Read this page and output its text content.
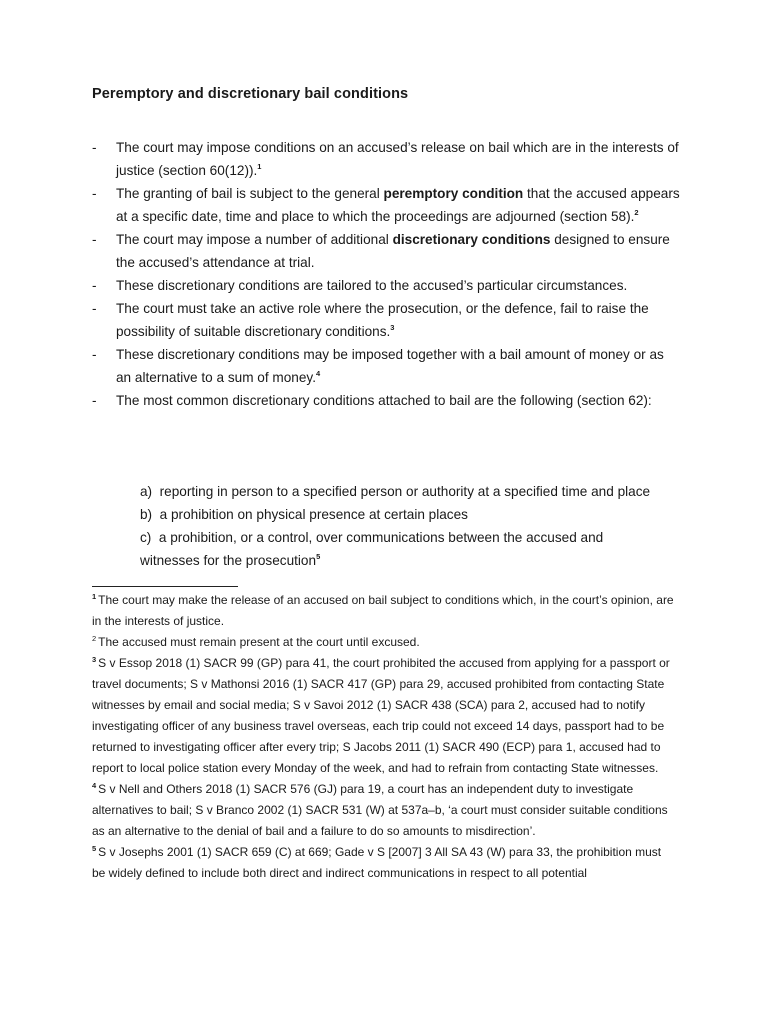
Peremptory and discretionary bail conditions
- The court may impose conditions on an accused’s release on bail which are in the interests of justice (section 60(12)).$^1$
- The granting of bail is subject to the general peremptory condition that the accused appears at a specific date, time and place to which the proceedings are adjourned (section 58).$^2$
- The court may impose a number of additional discretionary conditions designed to ensure the accused’s attendance at trial.
- These discretionary conditions are tailored to the accused’s particular circumstances.
- The court must take an active role where the prosecution, or the defence, fail to raise the possibility of suitable discretionary conditions.$^3$
- These discretionary conditions may be imposed together with a bail amount of money or as an alternative to a sum of money.$^4$
- The most common discretionary conditions attached to bail are the following (section 62):
a) reporting in person to a specified person or authority at a specified time and place
b) a prohibition on physical presence at certain places
c) a prohibition, or a control, over communications between the accused and
witnesses for the prosecution$^5$
$^1$ The court may make the release of an accused on bail subject to conditions which, in the court’s opinion, are in the interests of justice.
$^2$ The accused must remain present at the court until excused.
$^3$ S v Essop 2018 (1) SACR 99 (GP) para 41, the court prohibited the accused from applying for a passport or travel documents; S v Mathonsi 2016 (1) SACR 417 (GP) para 29, accused prohibited from contacting State witnesses by email and social media; S v Savoi 2012 (1) SACR 438 (SCA) para 2, accused had to notify investigating officer of any business travel overseas, each trip could not exceed 14 days, passport had to be returned to investigating officer after every trip; S Jacobs 2011 (1) SACR 490 (ECP) para 1, accused had to report to local police station every Monday of the week, and had to refrain from contacting State witnesses.
$^4$ S v Nell and Others 2018 (1) SACR 576 (GJ) para 19, a court has an independent duty to investigate alternatives to bail; S v Branco 2002 (1) SACR 531 (W) at 537a–b, ‘a court must consider suitable conditions as an alternative to the denial of bail and a failure to do so amounts to misdirection’.
$^5$ S v Josephs 2001 (1) SACR 659 (C) at 669; Gade v S [2007] 3 All SA 43 (W) para 33, the prohibition must be widely defined to include both direct and indirect communications in respect to all potential
